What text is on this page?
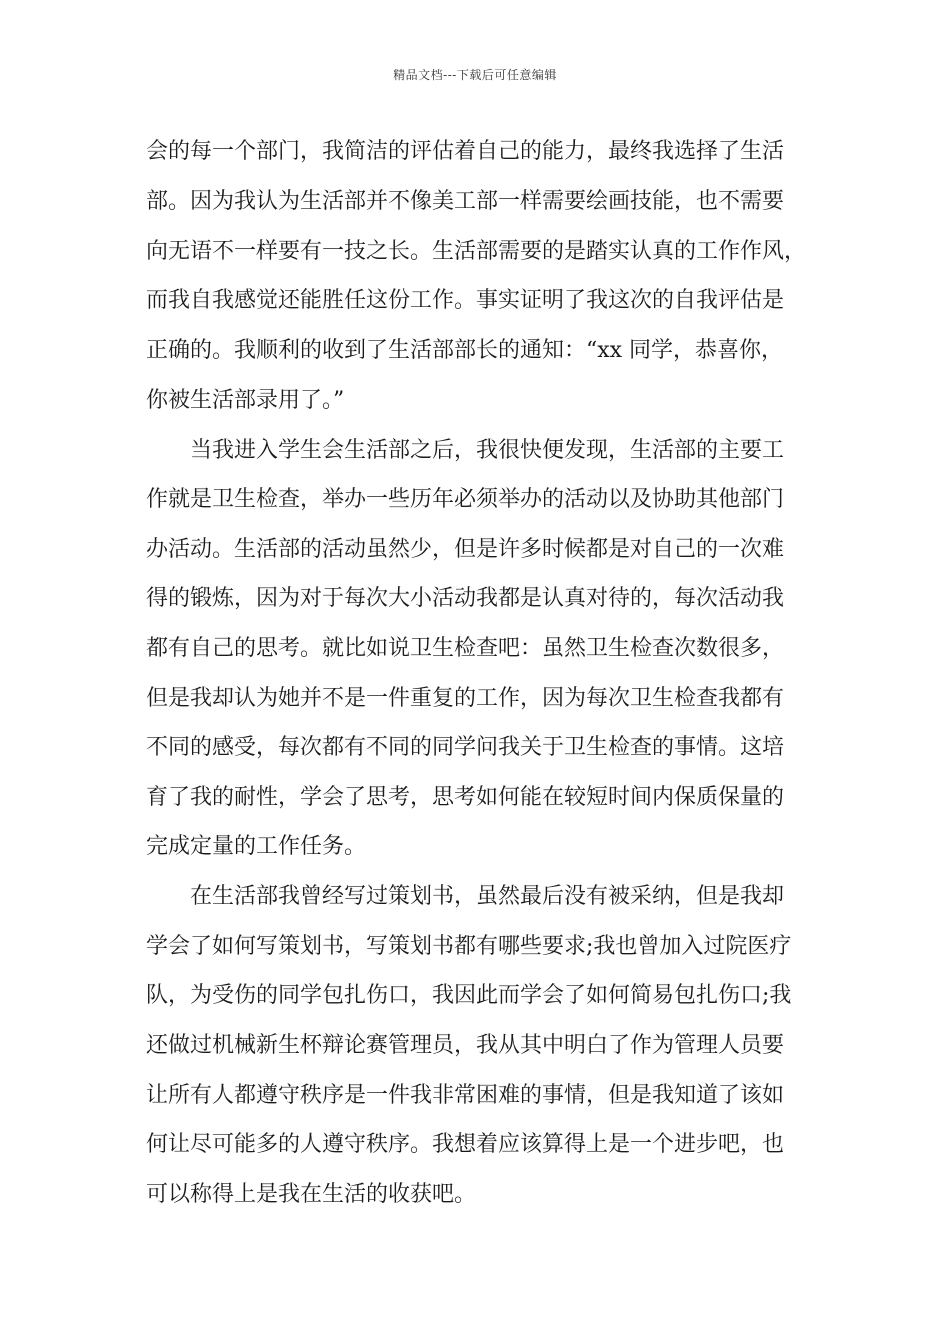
精品文档---下载后可任意编辑
会的每一个部门，我简洁的评估着自己的能力，最终我选择了生活
部。因为我认为生活部并不像美工部一样需要绘画技能，也不需要
向无语不一样要有一技之长。生活部需要的是踏实认真的工作作风，
而我自我感觉还能胜任这份工作。事实证明了我这次的自我评估是
正确的。我顺利的收到了生活部部长的通知：“xx 同学，恭喜你，
你被生活部录用了。”
当我进入学生会生活部之后，我很快便发现，生活部的主要工
作就是卫生检查，举办一些历年必须举办的活动以及协助其他部门
办活动。生活部的活动虽然少，但是许多时候都是对自己的一次难
得的锻炼，因为对于每次大小活动我都是认真对待的，每次活动我
都有自己的思考。就比如说卫生检查吧：虽然卫生检查次数很多，
但是我却认为她并不是一件重复的工作，因为每次卫生检查我都有
不同的感受，每次都有不同的同学问我关于卫生检查的事情。这培
育了我的耐性，学会了思考，思考如何能在较短时间内保质保量的
完成定量的工作任务。
在生活部我曾经写过策划书，虽然最后没有被采纳，但是我却
学会了如何写策划书，写策划书都有哪些要求;我也曾加入过院医疗
队，为受伤的同学包扎伤口，我因此而学会了如何简易包扎伤口;我
还做过机械新生杯辩论赛管理员，我从其中明白了作为管理人员要
让所有人都遵守秩序是一件我非常困难的事情，但是我知道了该如
何让尽可能多的人遵守秩序。我想着应该算得上是一个进步吧，也
可以称得上是我在生活的收获吧。
